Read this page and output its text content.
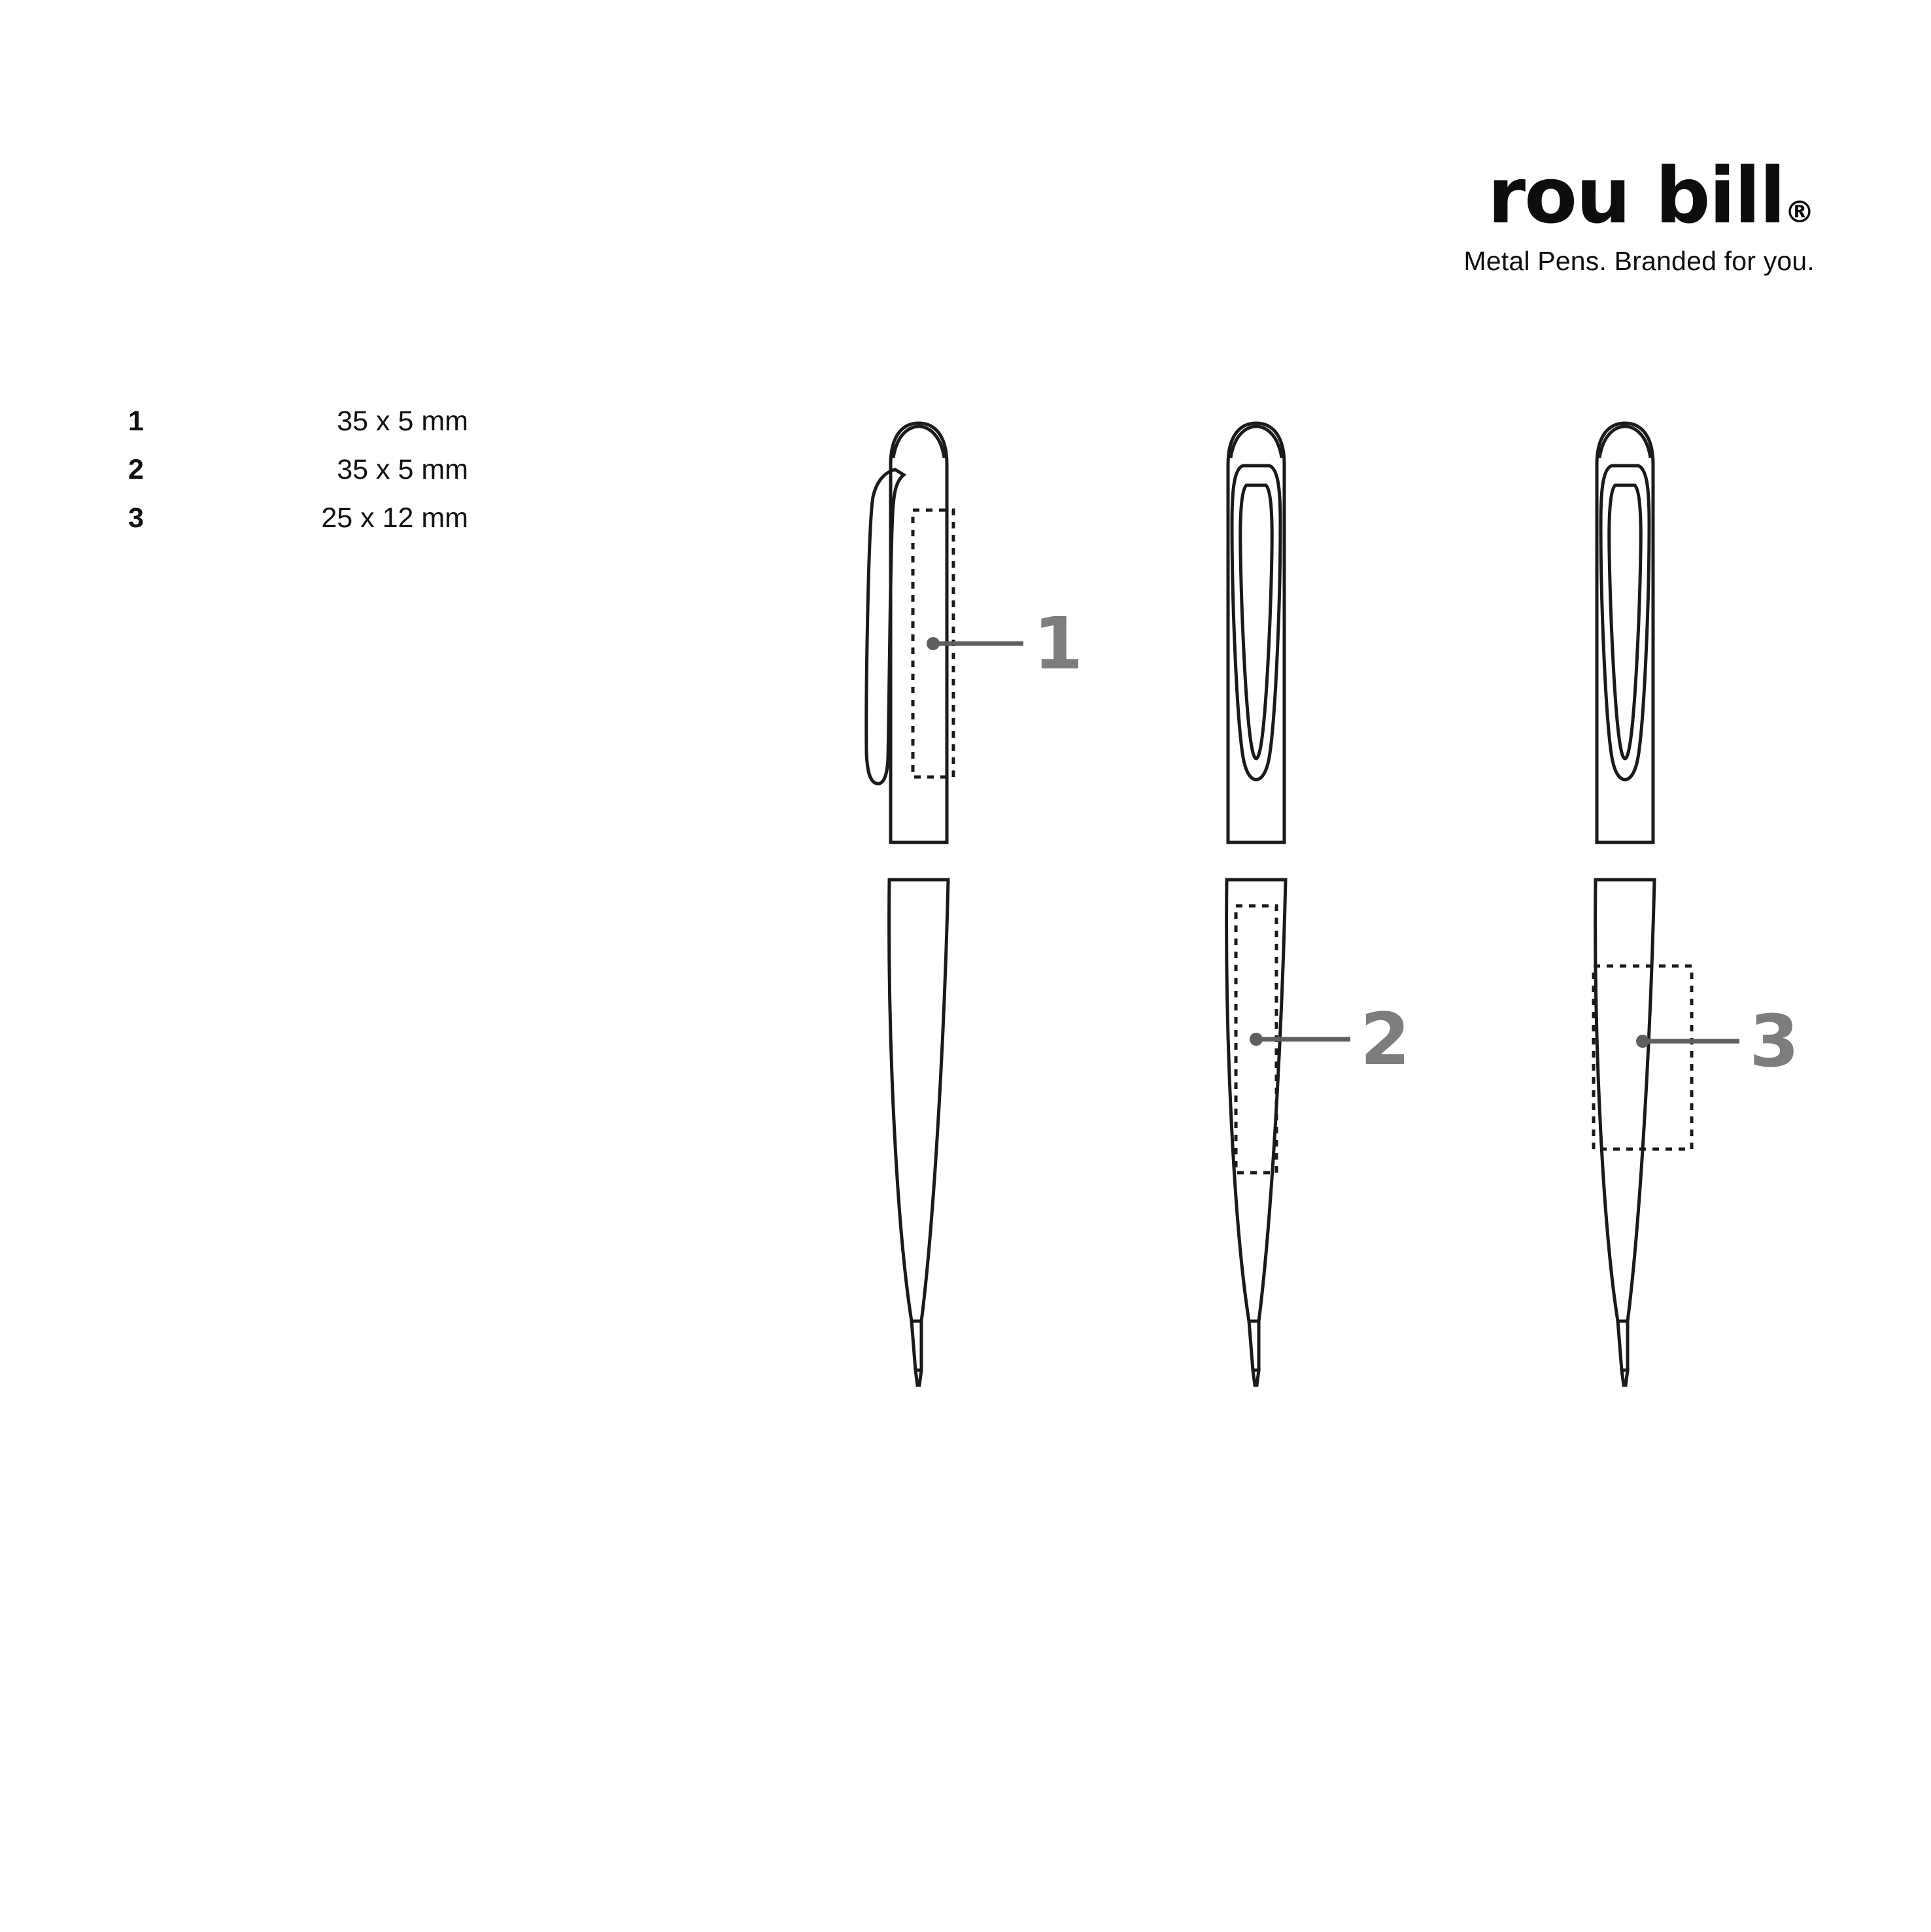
rou bill®
Metal Pens. Branded for you.
1	35 x 5 mm
2	35 x 5 mm
3	25 x 12 mm
1
2	3
